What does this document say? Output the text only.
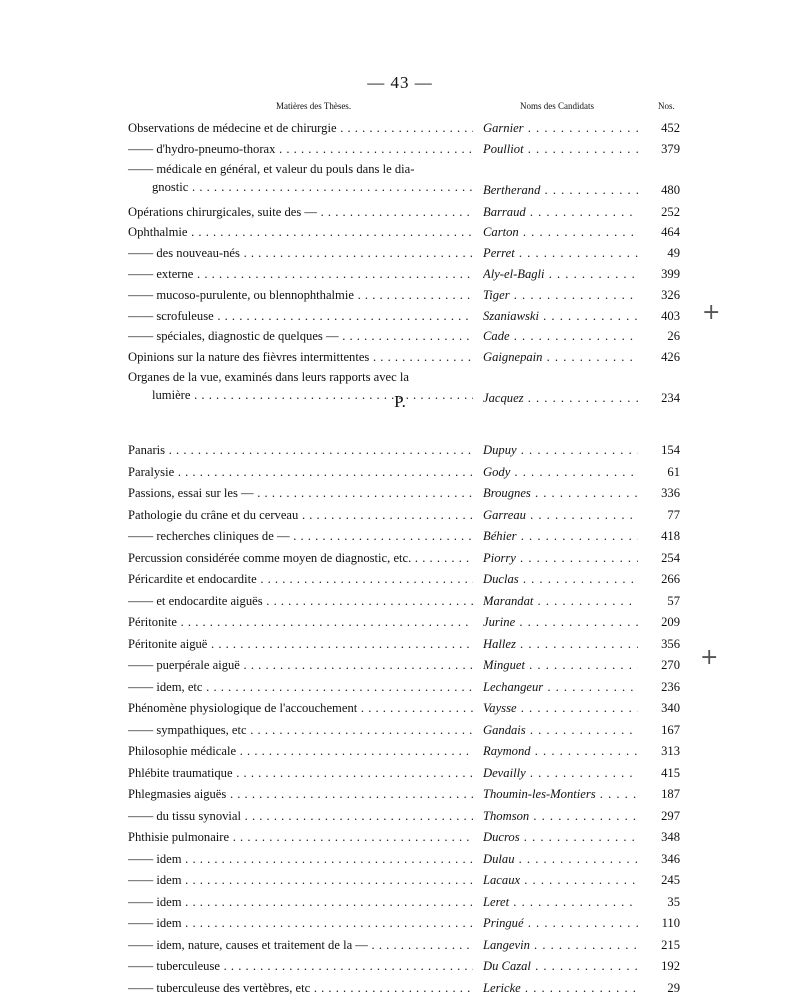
— 43 —
Matières des Thèses.	Noms des Candidats	Nos.
Observations de médecine et de chirurgie . . .	Garnier . . .	452
—— d'hydro-pneumo-thorax . . .	Poulliot . . .	379
—— médicale en général, et valeur du pouls dans le dia-
gnostic . . .	Bertherand . . .	480
Opérations chirurgicales, suite des — . . .	Barraud . . .	252
Ophthalmie . . .	Carton . . .	464
—— des nouveau-nés . . .	Perret . . .	49
—— externe . . .	Aly-el-Bagli . . .	399
—— mucoso-purulente, ou blennophthalmie . . .	Tiger . . .	326
—— scrofuleuse . . .	Szaniawski . . .	403
—— spéciales, diagnostic de quelques — . . .	Cade . . .	26
Opinions sur la nature des fièvres intermittentes . . .	Gaignepain . . .	426
Organes de la vue, examinés dans leurs rapports avec la
lumière . . .	Jacquez . . .	234
P.
Panaris . . .	Dupuy . . .	154
Paralysie . . .	Gody . . .	61
Passions, essai sur les — . . .	Brougnes . . .	336
Pathologie du crâne et du cerveau . . .	Garreau . . .	77
—— recherches cliniques de — . . .	Béhier . . .	418
Percussion considérée comme moyen de diagnostic, etc. . . .	Piorry . . .	254
Péricardite et endocardite . . .	Duclas . . .	266
—— et endocardite aiguës . . .	Marandat . . .	57
Péritonite . . .	Jurine . . .	209
Péritonite aiguë . . .	Hallez . . .	356
—— puerpérale aiguë . . .	Minguet . . .	270
—— idem, etc . . .	Lechangeur . . .	236
Phénomène physiologique de l'accouchement . . .	Vaysse . . .	340
—— sympathiques, etc . . .	Gandais . . .	167
Philosophie médicale . . .	Raymond . . .	313
Phlébite traumatique . . .	Devailly . . .	415
Phlegmasies aiguës . . .	Thoumin-les-Montiers . . .	187
—— du tissu synovial . . .	Thomson . . .	297
Phthisie pulmonaire . . .	Ducros . . .	348
—— idem . . .	Dulau . . .	346
—— idem . . .	Lacaux . . .	245
—— idem . . .	Leret . . .	35
—— idem . . .	Pringué . . .	110
—— idem, nature, causes et traitement de la — . . .	Langevin . . .	215
—— tuberculeuse . . .	Du Cazal . . .	192
—— tuberculeuse des vertèbres, etc . . .	Lericke . . .	29
+
+
